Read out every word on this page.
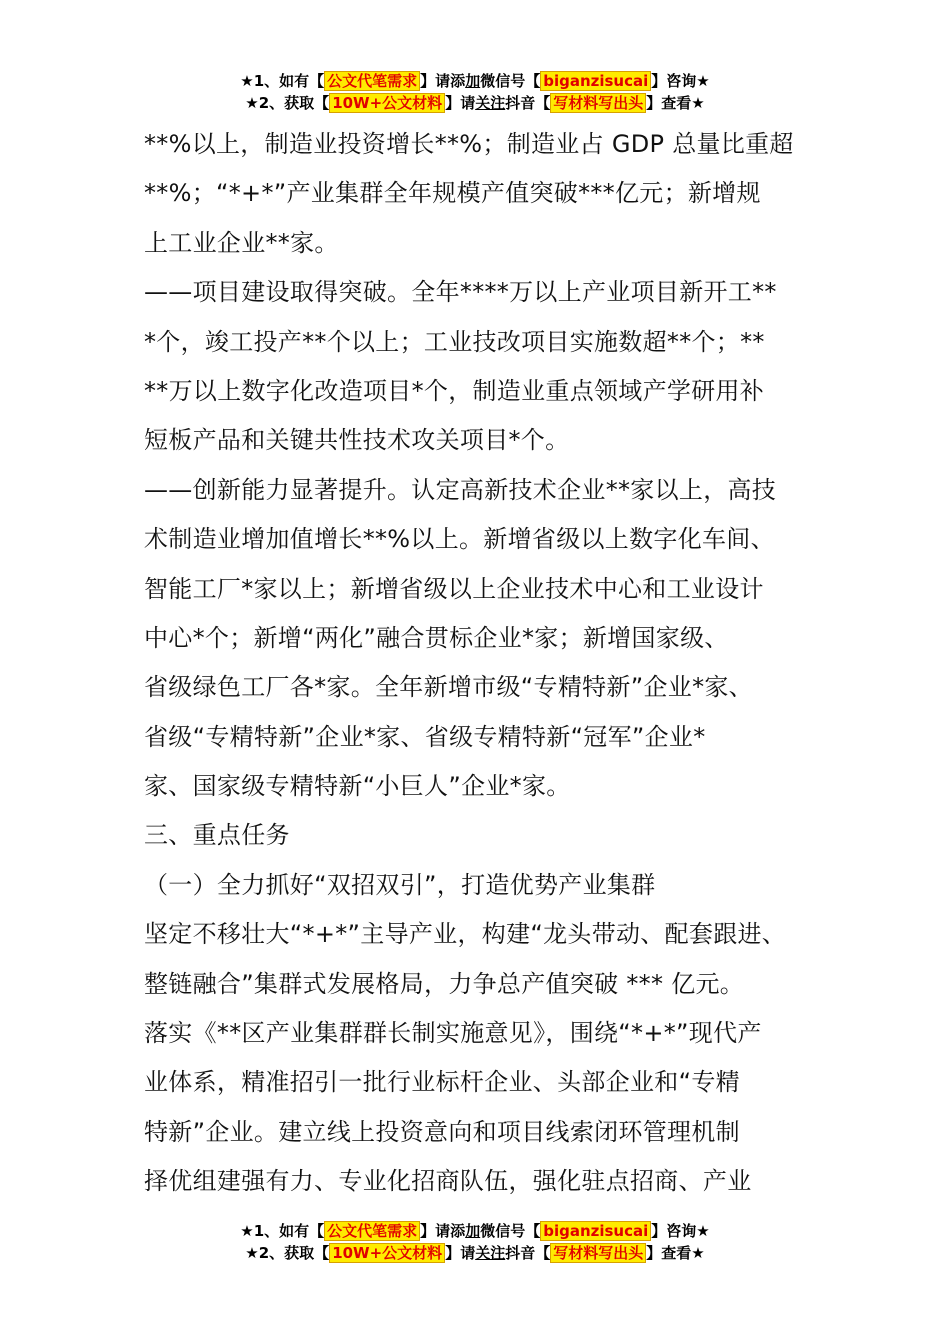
★1、如有【 公文代笔需求 】请添加微信号【 biganzisucai 】咨询★
★2、获取【 10W+公文材料 】请关注抖音【 写材料写出头 】查看★
**%以上，制造业投资增长**%；制造业占 GDP 总量比重超
**%；“*+*”产业集群全年规模产值突破***亿元；新增规
上工业企业**家。
——项目建设取得突破。全年****万以上产业项目新开工**
*个，竣工投产**个以上；工业技改项目实施数超**个；**
**万以上数字化改造项目*个，制造业重点领域产学研用补
短板产品和关键共性技术攻关项目*个。
——创新能力显著提升。认定高新技术企业**家以上，高技
术制造业增加值增长**%以上。新增省级以上数字化车间、
智能工厂*家以上；新增省级以上企业技术中心和工业设计
中心*个；新增“两化”融合贯标企业*家；新增国家级、
省级绿色工厂各*家。全年新增市级“专精特新”企业*家、
省级“专精特新”企业*家、省级专精特新“冠军”企业*
家、国家级专精特新“小巨人”企业*家。
三、重点任务
（一）全力抓好“双招双引”，打造优势产业集群
坚定不移壮大“*+*”主导产业，构建“龙头带动、配套跟进、
整链融合”集群式发展格局，力争总产值突破 *** 亿元。
落实《**区产业集群群长制实施意见》，围绕“*+*”现代产
业体系，精准招引一批行业标杆企业、头部企业和“专精
特新”企业。建立线上投资意向和项目线索闭环管理机制
择优组建强有力、专业化招商队伍，强化驻点招商、产业
★1、如有【 公文代笔需求 】请添加微信号【 biganzisucai 】咨询★
★2、获取【 10W+公文材料 】请关注抖音【 写材料写出头 】查看★
